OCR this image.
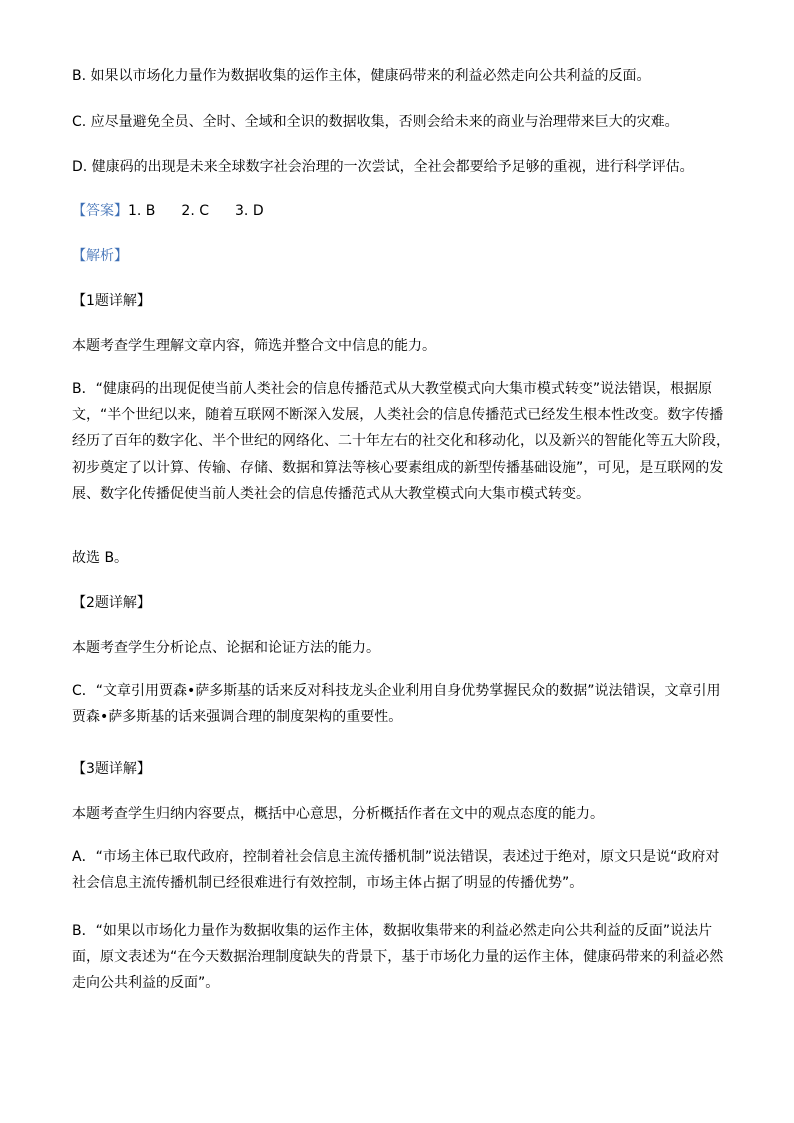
B. 如果以市场化力量作为数据收集的运作主体，健康码带来的利益必然走向公共利益的反面。
C. 应尽量避免全员、全时、全域和全识的数据收集，否则会给未来的商业与治理带来巨大的灾难。
D. 健康码的出现是未来全球数字社会治理的一次尝试，全社会都要给予足够的重视，进行科学评估。
【答案】1. B 2. C 3. D
【解析】
【1题详解】
本题考查学生理解文章内容，筛选并整合文中信息的能力。
B．“健康码的出现促使当前人类社会的信息传播范式从大教堂模式向大集市模式转变”说法错误，根据原文，“半个世纪以来，随着互联网不断深入发展，人类社会的信息传播范式已经发生根本性改变。数字传播经历了百年的数字化、半个世纪的网络化、二十年左右的社交化和移动化，以及新兴的智能化等五大阶段，初步奠定了以计算、传输、存储、数据和算法等核心要素组成的新型传播基础设施”，可见，是互联网的发展、数字化传播促使当前人类社会的信息传播范式从大教堂模式向大集市模式转变。
故选 B。
【2题详解】
本题考查学生分析论点、论据和论证方法的能力。
C．“文章引用贾森•萨多斯基的话来反对科技龙头企业利用自身优势掌握民众的数据”说法错误，文章引用贾森•萨多斯基的话来强调合理的制度架构的重要性。
【3题详解】
本题考查学生归纳内容要点，概括中心意思，分析概括作者在文中的观点态度的能力。
A．“市场主体已取代政府，控制着社会信息主流传播机制”说法错误，表述过于绝对，原文只是说“政府对社会信息主流传播机制已经很难进行有效控制，市场主体占据了明显的传播优势”。
B．“如果以市场化力量作为数据收集的运作主体，数据收集带来的利益必然走向公共利益的反面”说法片面，原文表述为“在今天数据治理制度缺失的背景下，基于市场化力量的运作主体，健康码带来的利益必然走向公共利益的反面”。
